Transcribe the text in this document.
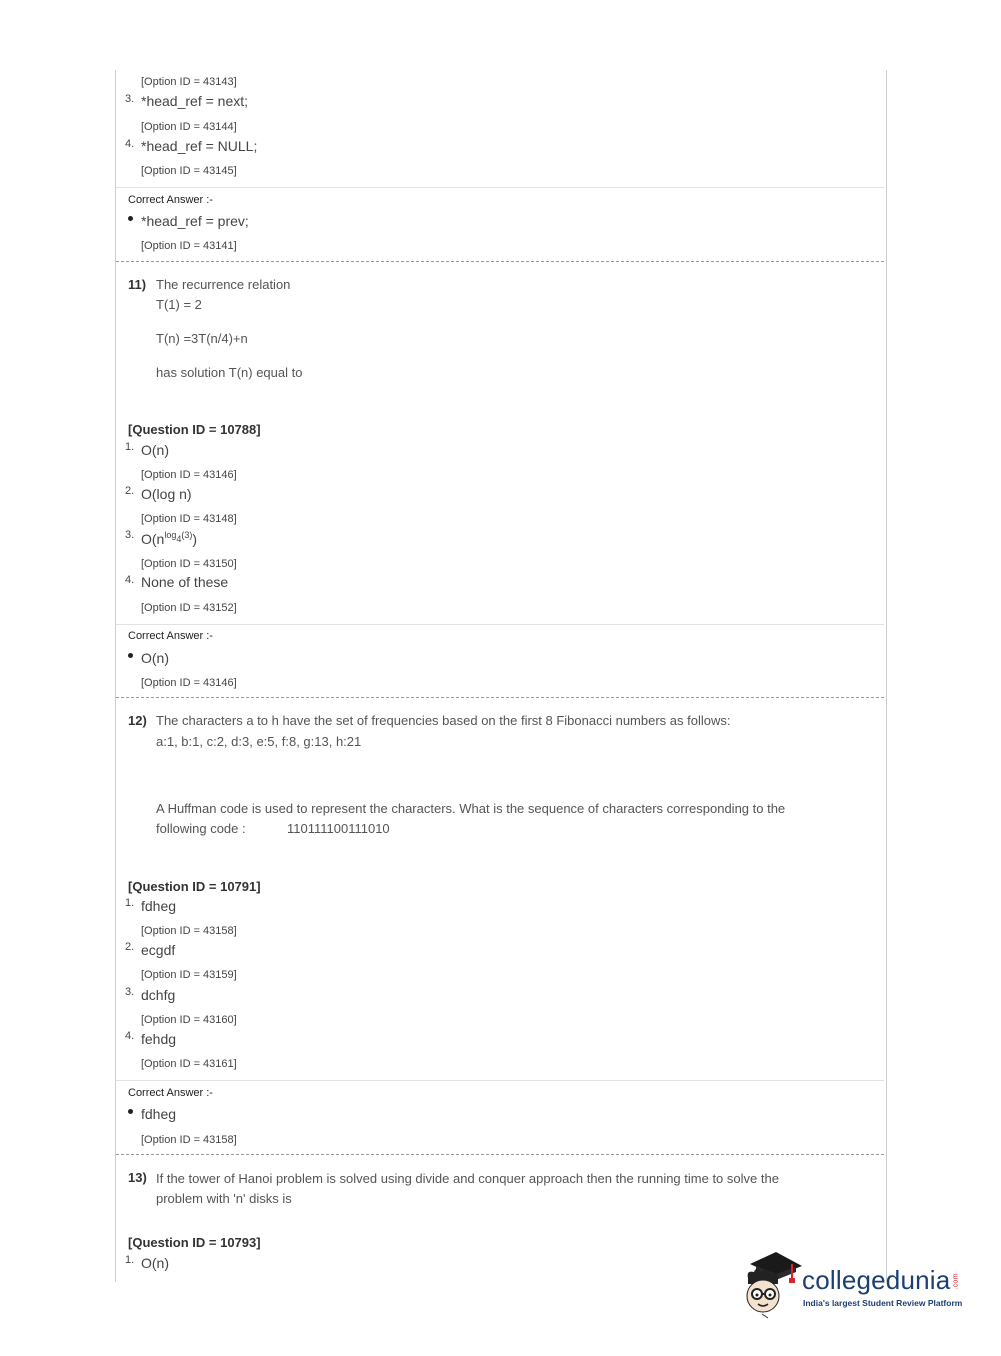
[Option ID = 43143]
3. *head_ref = next;
[Option ID = 43144]
4. *head_ref = NULL;
[Option ID = 43145]
Correct Answer :-
*head_ref = prev;
[Option ID = 43141]
11) The recurrence relation
T(1) = 2
T(n) =3T(n/4)+n
has solution T(n) equal to
[Question ID = 10788]
1. O(n)
[Option ID = 43146]
2. O(log n)
[Option ID = 43148]
3. $O(n^{log_4(3)})$
[Option ID = 43150]
4. None of these
[Option ID = 43152]
Correct Answer :-
O(n)
[Option ID = 43146]
12) The characters a to h have the set of frequencies based on the first 8 Fibonacci numbers as follows:
a:1, b:1, c:2, d:3, e:5, f:8, g:13, h:21
A Huffman code is used to represent the characters. What is the sequence of characters corresponding to the
following code :	110111100111010
[Question ID = 10791]
1. fdheg
[Option ID = 43158]
2. ecgdf
[Option ID = 43159]
3. dchfg
[Option ID = 43160]
4. fehdg
[Option ID = 43161]
Correct Answer :-
fdheg
[Option ID = 43158]
13) If the tower of Hanoi problem is solved using divide and conquer approach then the running time to solve the
problem with 'n' disks is
[Question ID = 10793]
1. O(n)
collegedunia .com
India's largest Student Review Platform
